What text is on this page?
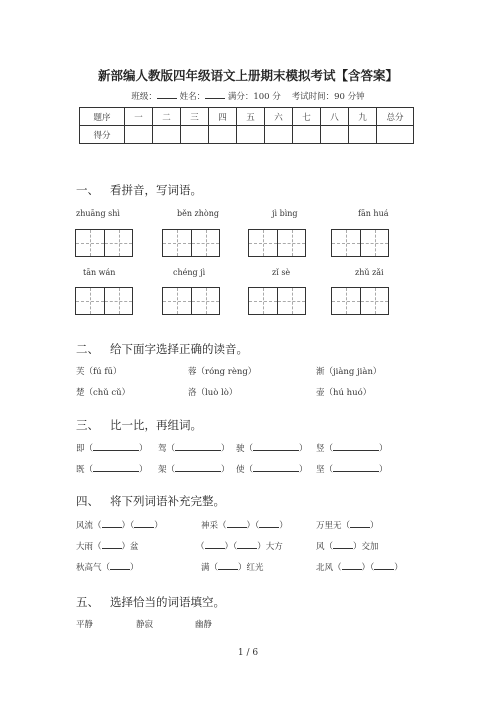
新部编人教版四年级语文上册期末模拟考试【含答案】
班级：	姓名：	满分：100 分 考试时间：90 分钟
题序	一	二	三	四	五	六	七	八	九	总分
得分										
一、 看拼音，写词语。
zhuāng shì	běn zhòng	jì bìng	fān huá
tān wán	chéng jì	zǐ sè	zhǔ zǎi
二、 给下面字选择正确的读音。
芙（fú fū）	蓉（róng rèng）	渐（jiàng jiàn）
楚（chǔ cǔ）	洛（luò lò）	壶（hú huó）
三、 比一比，再组词。
即（	） 驾（	） 驶（	） 竖（	）
既（	） 架（	） 使（	） 坚（	）
四、 将下列词语补充完整。
风流（ ）（ ）	神采（ ）（ ）	万里无（ ）
大雨（ ）盆	（ ）（ ）大方	风（ ）交加
秋高气（ ）	满（ ）红光	北风（ ）（ ）
五、 选择恰当的词语填空。
平静	静寂	幽静
1 / 6
